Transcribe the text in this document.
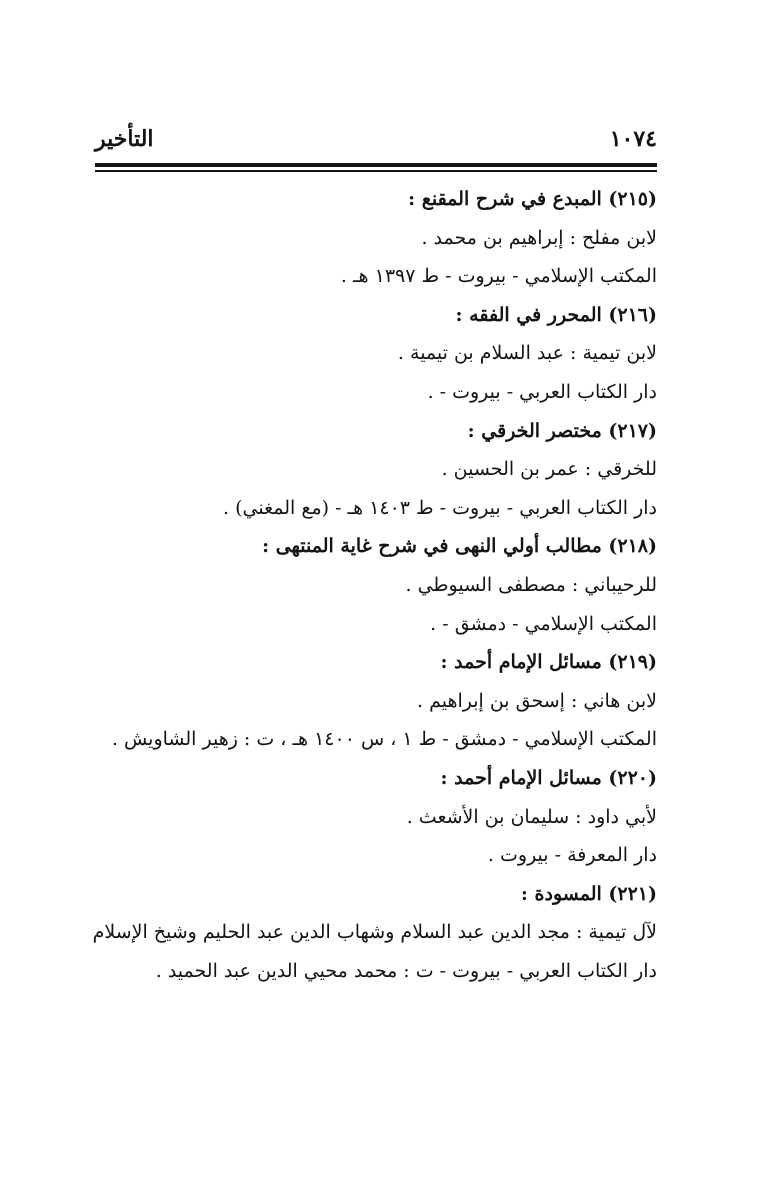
١٠٧٤
التأخير
(٢١٥) المبدع في شرح المقنع :
لابن مفلح : إبراهيم بن محمد .
المكتب الإسلامي - بيروت - ط ١٣٩٧ هـ .
(٢١٦) المحرر في الفقه :
لابن تيمية : عبد السلام بن تيمية .
دار الكتاب العربي - بيروت - .
(٢١٧) مختصر الخرقي :
للخرقي : عمر بن الحسين .
دار الكتاب العربي - بيروت - ط ١٤٠٣ هـ - (مع المغني) .
(٢١٨) مطالب أولي النهى في شرح غاية المنتهى :
للرحيباني : مصطفى السيوطي .
المكتب الإسلامي - دمشق - .
(٢١٩) مسائل الإمام أحمد :
لابن هاني : إسحق بن إبراهيم .
المكتب الإسلامي - دمشق - ط ١ ، س ١٤٠٠ هـ ، ت : زهير الشاويش .
(٢٢٠) مسائل الإمام أحمد :
لأبي داود : سليمان بن الأشعث .
دار المعرفة - بيروت .
(٢٢١) المسودة :
لآل تيمية : مجد الدين عبد السلام وشهاب الدين عبد الحليم وشيخ الإسلام
دار الكتاب العربي - بيروت - ت : محمد محيي الدين عبد الحميد .
